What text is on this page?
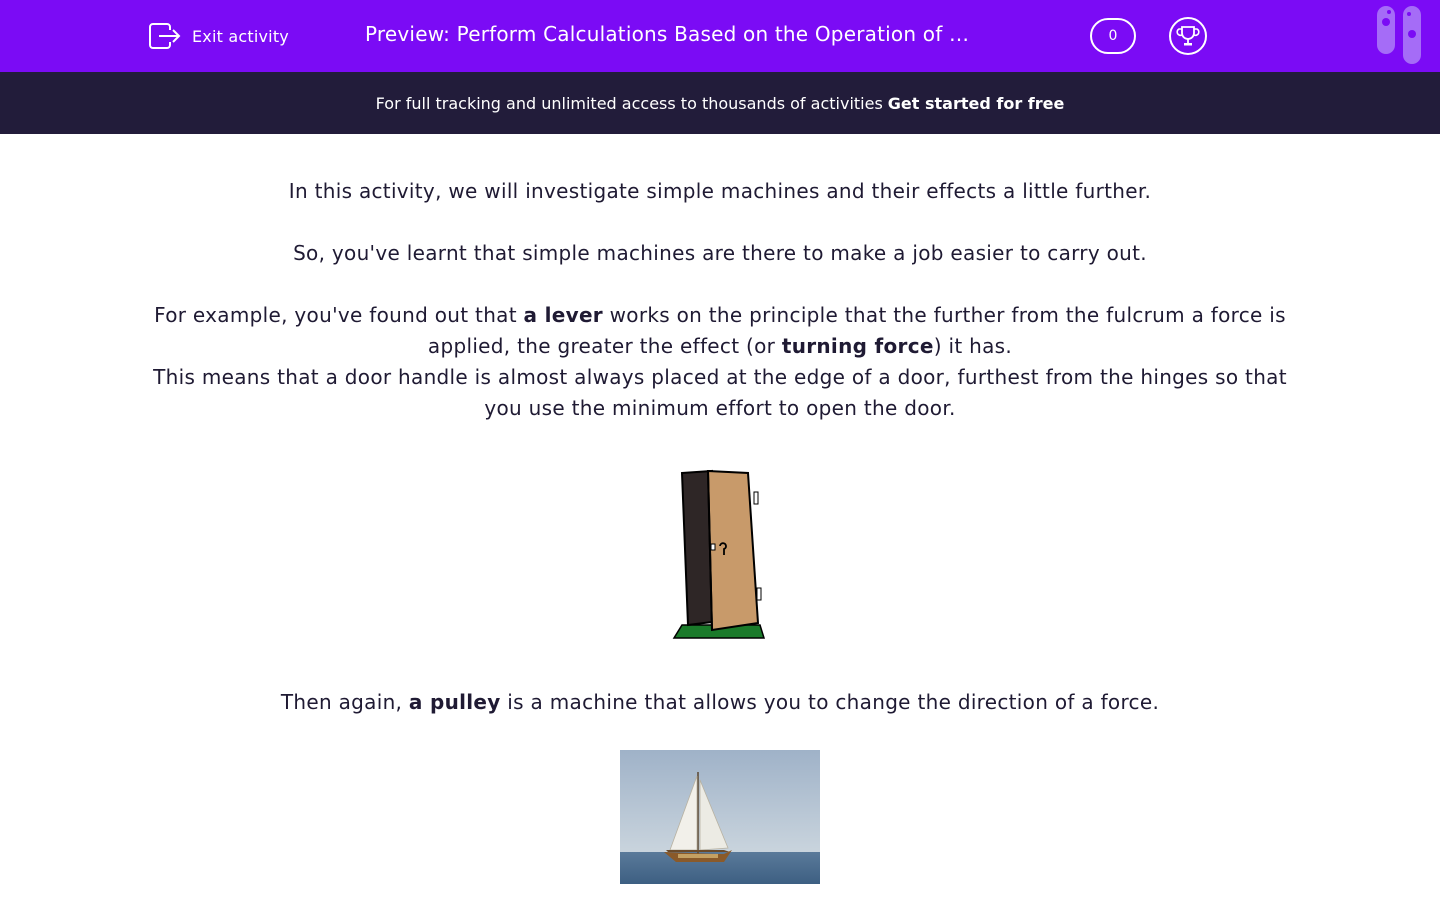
Exit activity	Preview: Perform Calculations Based on the Operation of …	0
For full tracking and unlimited access to thousands of activities Get started for free

In this activity, we will investigate simple machines and their effects a little further.

So, you've learnt that simple machines are there to make a job easier to carry out.

For example, you've found out that a lever works on the principle that the further from the fulcrum a force is applied, the greater the effect (or turning force) it has.

This means that a door handle is almost always placed at the edge of a door, furthest from the hinges so that you use the minimum effort to open the door.

Then again, a pulley is a machine that allows you to change the direction of a force.
